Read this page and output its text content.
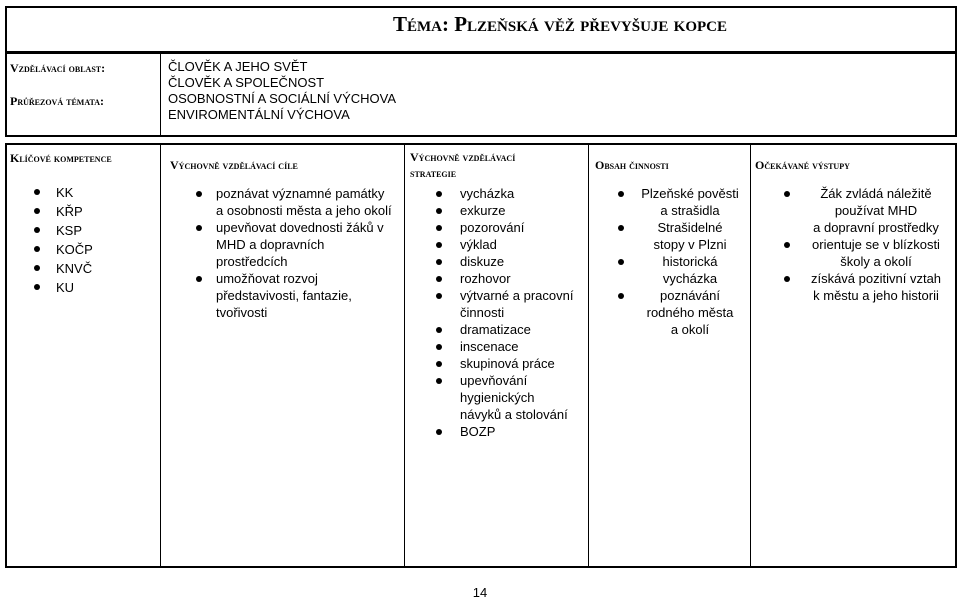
Téma: Plzeňská věž převyšuje kopce
Vzdělávací oblast:
Průřezová témata:
ČLOVĚK A JEHO SVĚT
ČLOVĚK A SPOLEČNOST
OSOBNOSTNÍ A SOCIÁLNÍ VÝCHOVA
ENVIROMENTÁLNÍ VÝCHOVA
Klíčové kompetence	Výchovně vzdělávací cíle
Výchovně vzdělávací
strategie
Obsah činnosti	Očekávané výstupy
KK
KŘP
KSP
KOČP
KNVČ
KU
poznávat významné památky
a osobnosti města a jeho okolí
upevňovat dovednosti žáků v
MHD a dopravních
prostředcích
umožňovat rozvoj
představivosti, fantazie,
tvořivosti
vycházka
exkurze
pozorování
výklad
diskuze
rozhovor
výtvarné a pracovní
činnosti
dramatizace
inscenace
skupinová práce
upevňování
hygienických
návyků a stolování
BOZP
Plzeňské pověsti
a strašidla
Strašidelné
stopy v Plzni
historická
vycházka
poznávání
rodného města
a okolí
Žák zvládá náležitě
používat MHD
a dopravní prostředky
orientuje se v blízkosti
školy a okolí
získává pozitivní vztah
k městu a jeho historii
14
